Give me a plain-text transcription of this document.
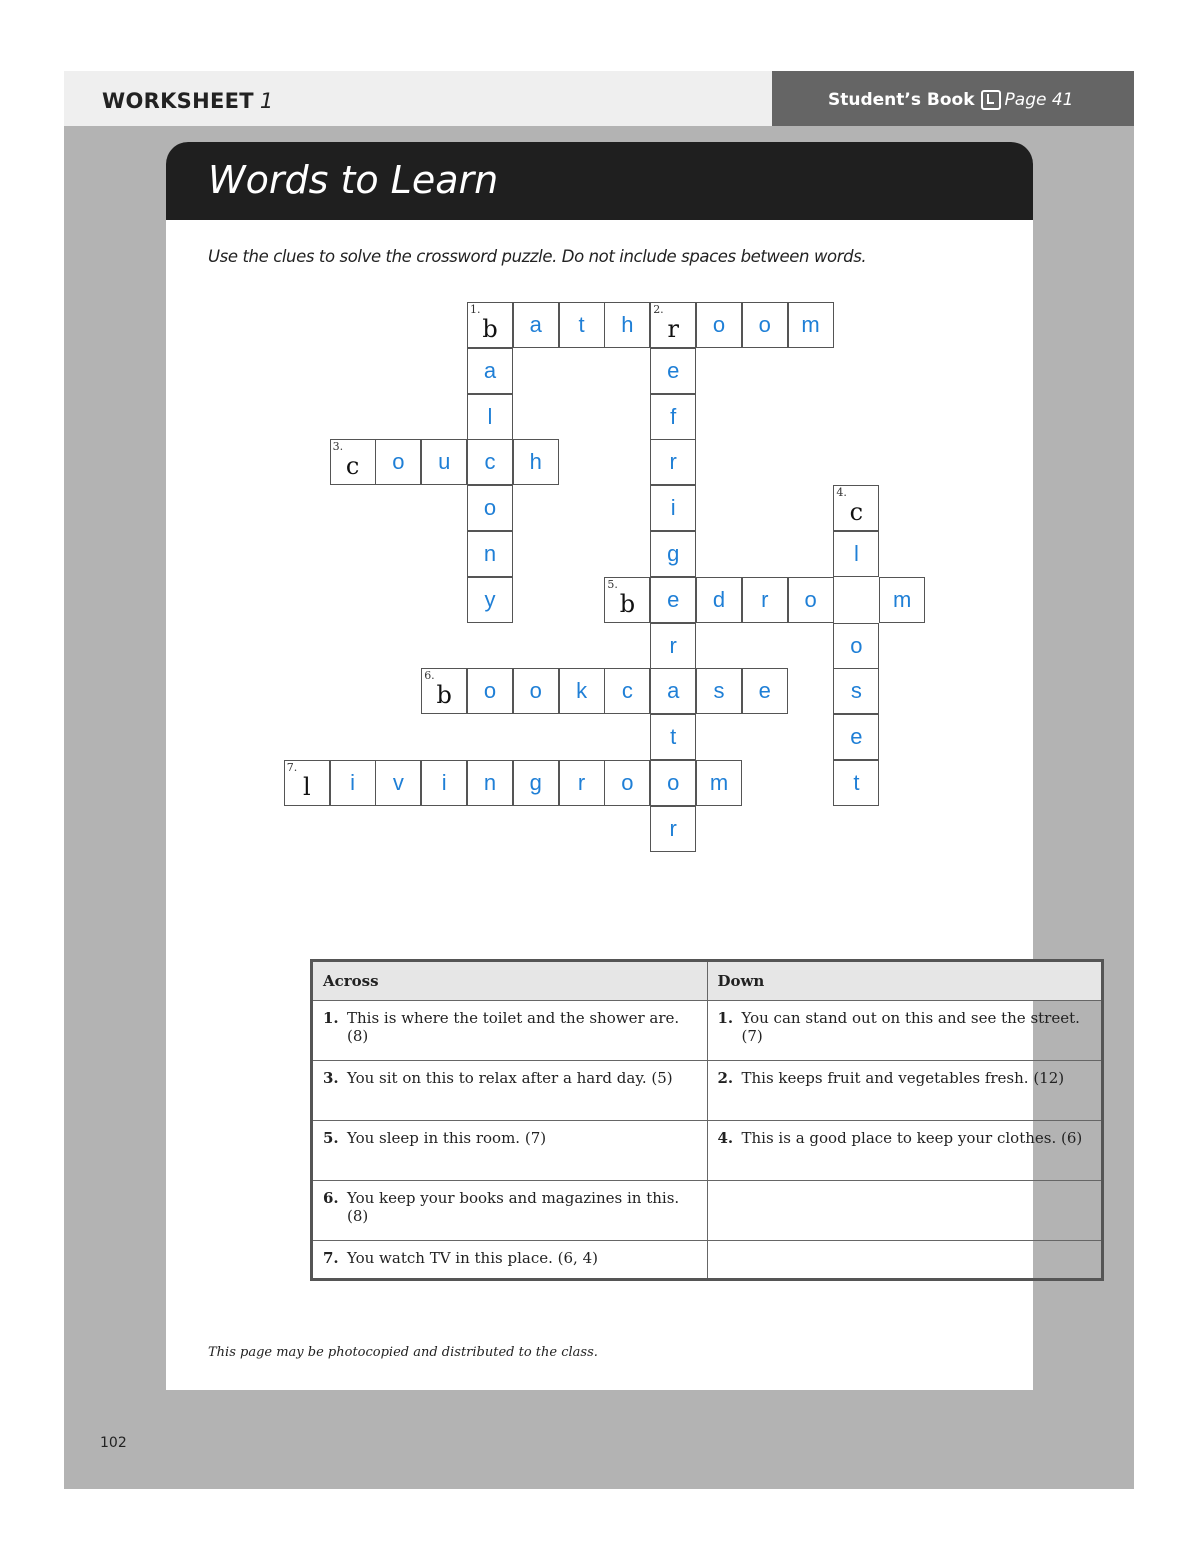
WORKSHEET 1	Student’s Book Page 41
102
Words to Learn
Use the clues to solve the crossword puzzle. Do not include spaces between words.
1.
b	a	t	h
2.
r	o	o	m
a
l
o
n
y
e
f
r
i
g
e
r
a
t
o
r
3.
c	o	u	c	h
4.
c
l
o
s
e
t
5.
b	d	r	o	m
6.
b	o	o	k	c	s	e
7.
l	i	v	i	n	g	r	o	m
Across	Down

1. This is where the toilet and the shower are. (8)	1. You can stand out on this and see the street. (7)

3. You sit on this to relax after a hard day. (5)	2. This keeps fruit and vegetables fresh. (12)

5. You sleep in this room. (7)	4. This is a good place to keep your clothes. (6)

6. You keep your books and magazines in this. (8)	

7. You watch TV in this place. (6, 4)	

This page may be photocopied and distributed to the class.
